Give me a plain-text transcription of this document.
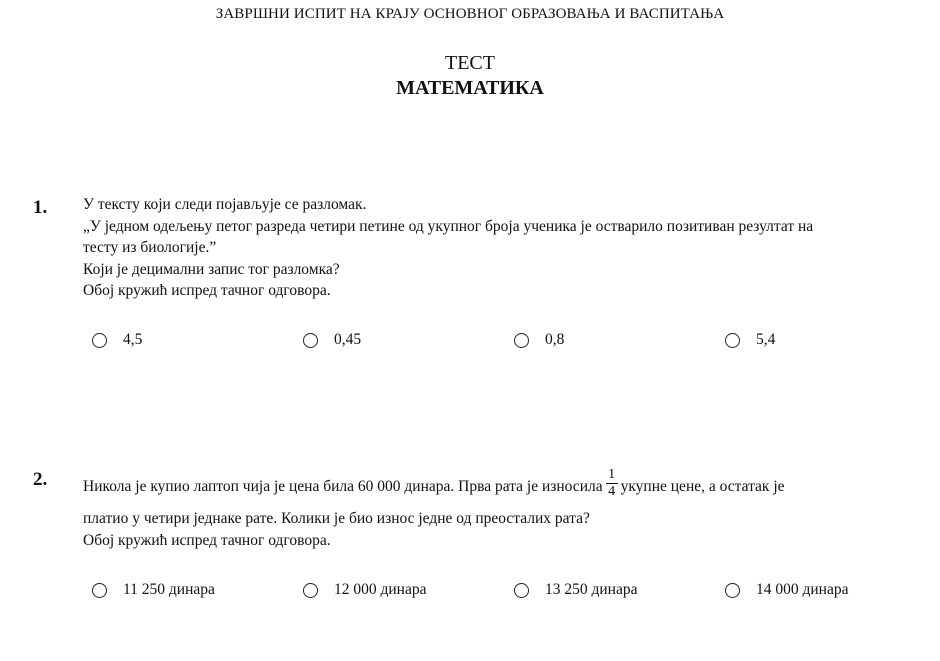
ЗАВРШНИ ИСПИТ НА КРАЈУ ОСНОВНОГ ОБРАЗОВАЊА И ВАСПИТАЊА
ТЕСТ
МАТЕМАТИКА
1. У тексту који следи појављује се разломак.
„У једном одељењу петог разреда четири петине од укупног броја ученика је остварило позитиван резултат на
тесту из биологије.”
Који је децимални запис тог разломка?
Обој кружић испред тачног одговора.
4,5	0,45	0,8	5,4
2. Никола је купио лаптоп чија је цена била 60 000 динара. Прва рата је износила $\frac{1}{4}$ укупне цене, а остатак је
платио у четири једнаке рате. Колики је био износ једне од преосталих рата?
Обој кружић испред тачног одговора.
11 250 динара	12 000 динара	13 250 динара	14 000 динара
